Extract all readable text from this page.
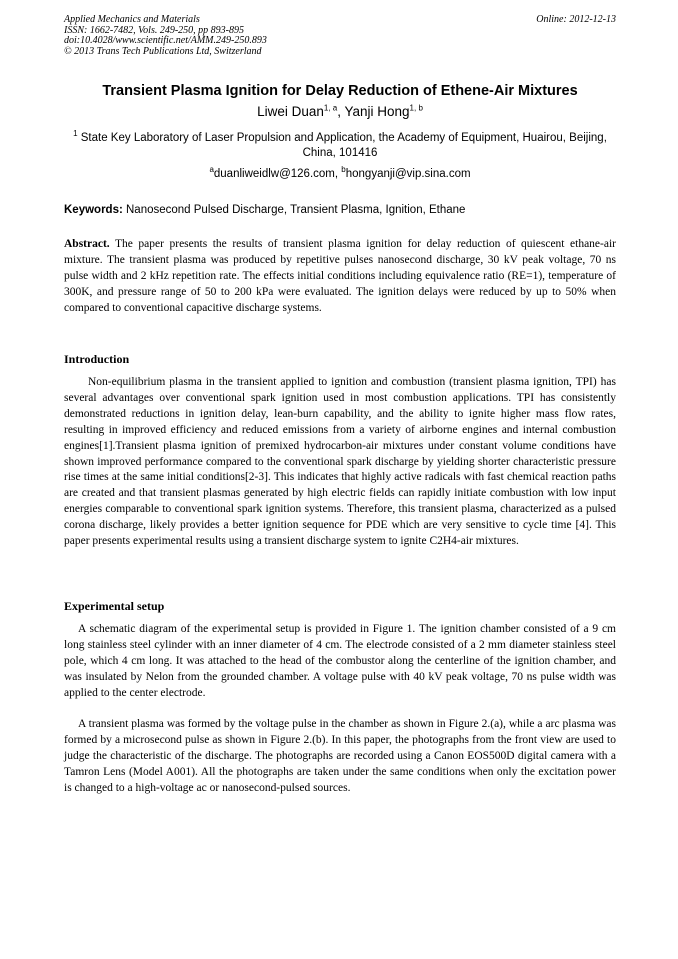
Applied Mechanics and Materials
ISSN: 1662-7482, Vols. 249-250, pp 893-895
doi:10.4028/www.scientific.net/AMM.249-250.893
© 2013 Trans Tech Publications Ltd, Switzerland
Online: 2012-12-13
Transient Plasma Ignition for Delay Reduction of Ethene-Air Mixtures
Liwei Duan$^{1, a}$, Yanji Hong$^{1, b}$
$^1$ State Key Laboratory of Laser Propulsion and Application, the Academy of Equipment, Huairou, Beijing, China, 101416
$^a$duanliweidlw@126.com, $^b$hongyanji@vip.sina.com
Keywords: Nanosecond Pulsed Discharge, Transient Plasma, Ignition, Ethane
Abstract. The paper presents the results of transient plasma ignition for delay reduction of quiescent ethane-air mixture. The transient plasma was produced by repetitive pulses nanosecond discharge, 30 kV peak voltage, 70 ns pulse width and 2 kHz repetition rate. The effects initial conditions including equivalence ratio (RE=1), temperature of 300K, and pressure range of 50 to 200 kPa were evaluated. The ignition delays were reduced by up to 50% when compared to conventional capacitive discharge systems.
Introduction
Non-equilibrium plasma in the transient applied to ignition and combustion (transient plasma ignition, TPI) has several advantages over conventional spark ignition used in most combustion applications. TPI has consistently demonstrated reductions in ignition delay, lean-burn capability, and the ability to ignite higher mass flow rates, resulting in improved efficiency and reduced emissions from a variety of airborne engines and internal combustion engines[1].Transient plasma ignition of premixed hydrocarbon-air mixtures under constant volume conditions have shown improved performance compared to the conventional spark discharge by yielding shorter characteristic pressure rise times at the same initial conditions[2-3]. This indicates that highly active radicals with fast chemical reaction paths are created and that transient plasmas generated by high electric fields can rapidly initiate combustion with low input energies comparable to conventional spark ignition systems. Therefore, this transient plasma, characterized as a pulsed corona discharge, likely provides a better ignition sequence for PDE which are very sensitive to cycle time [4]. This paper presents experimental results using a transient discharge system to ignite C2H4-air mixtures.
Experimental setup
A schematic diagram of the experimental setup is provided in Figure 1. The ignition chamber consisted of a 9 cm long stainless steel cylinder with an inner diameter of 4 cm. The electrode consisted of a 2 mm diameter stainless steel pole, which 4 cm long. It was attached to the head of the combustor along the centerline of the ignition chamber, and was insulated by Nelon from the grounded chamber. A voltage pulse with 40 kV peak voltage, 70 ns pulse width was applied to the center electrode.
A transient plasma was formed by the voltage pulse in the chamber as shown in Figure 2.(a), while a arc plasma was formed by a microsecond pulse as shown in Figure 2.(b). In this paper, the photographs from the front view are used to judge the characteristic of the discharge. The photographs are recorded using a Canon EOS500D digital camera with a Tamron Lens (Model A001). All the photographs are taken under the same conditions when only the excitation power is changed to a high-voltage ac or nanosecond-pulsed sources.
